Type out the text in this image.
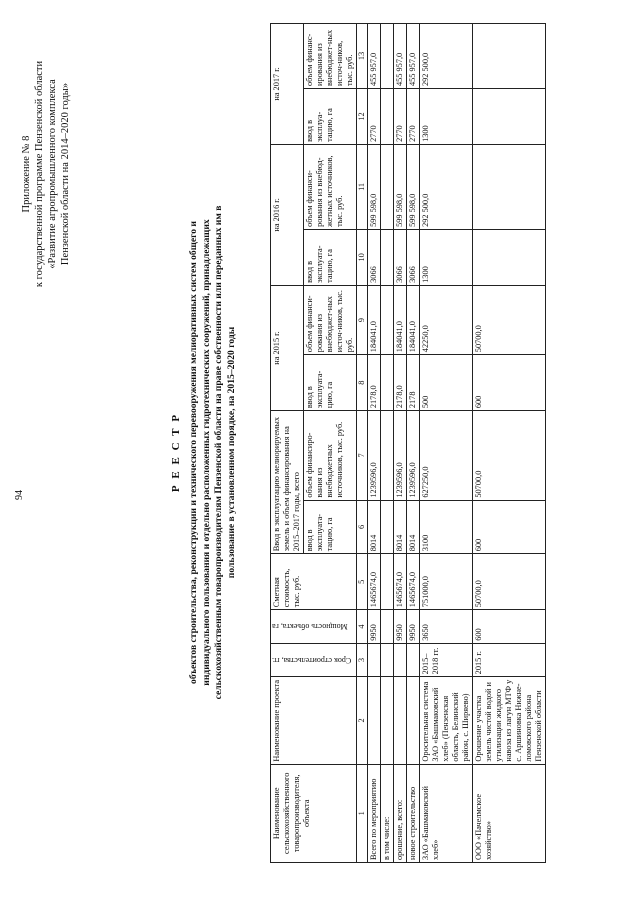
94
Приложение № 8 к государственной программе Пензенской области «Развитие агропромышленного комплекса Пензенской области на 2014–2020 годы»
Р Е Е С Т Р объектов строительства, реконструкции и технического перевооружения мелиоративных систем общего и индивидуального пользования и отдельно расположенных гидротехнических сооружений, принадлежащих сельскохозяйственным товаропроизводителям Пензенской области на праве собственности или переданных им в пользование в установленном порядке, на 2015–2020 годы
Наименование сельскохозяйственного товаропроизводителя, объекта	Наименование проекта	Срок строительства, гг.	Мощность объекта, га	Сметная стоимость, тыс. руб.	Ввод в эксплуатацию мелиорируемых земель и объем финансирования на 2015–2017 годы, всего		на 2015 г.		на 2016 г.		на 2017 г.	
					ввод в эксплуата-тацию, га	объем финансиро-вания из внебюджетных источников, тыс. руб.	ввод в эксплуата-цию, га	объем финанси-рования из внебюджет-ных источ-ников, тыс. руб.	ввод в эксплуата-тацию, га	объем финанси-рования из внебюд-жетных источников, тыс. руб.	ввод в эксплуа-тацию, га	объем финанс-ирования из внебюджет-ных источ-ников, тыс. руб.

1	2	3	4	5	6	7	8	9	10	11	12	13
Всего по мероприятию			9950	1465674,0	8014	1239596,0	2178,0	184041,0	3066	599 598,0	2770	455 957,0
в том числе:												
орошение, всего:			9950	1465674,0	8014	1239596,0	2178,0	184041,0	3066	599 598,0	2770	455 957,0
новое строительство			9950	1465674,0	8014	1239596,0	2178	184041,0	3066	599 598,0	2770	455 957,0
ЗАО «Башмаковский хлеб»	Оросительная система ЗАО «Башмаковский хлеб» (Пензенская область, Белинский район, с. Ширяево)	2015–2018 гг.	3650	751000,0	3100	627250,0	500	42250,0	1300	292 500,0	1300	292 500,0
ООО «Пачелмское хозяйство»	Орошение участка земель чистой водой и утилизации жидкого навоза из лагун МТФ у с. Аршиновка Нижне-ломовского района Пензенской области	2015 г.	600	50700,0	600	50700,0	600	50700,0				
